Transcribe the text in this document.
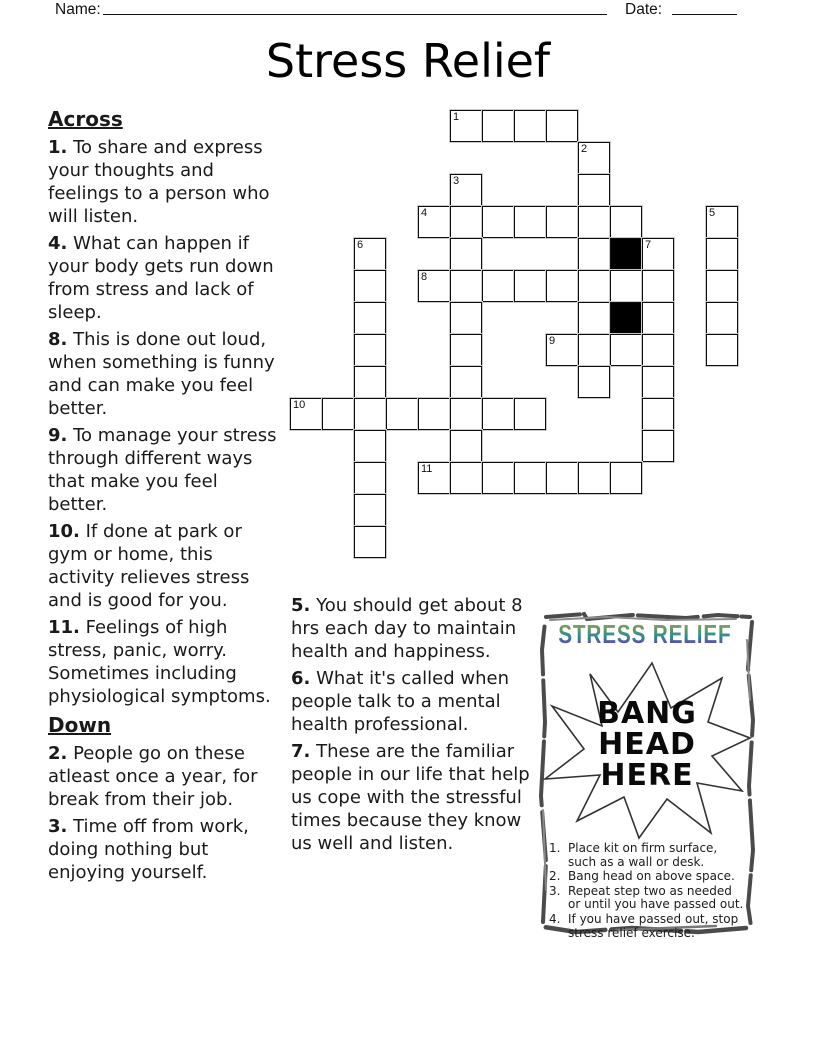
Name:	Date:
Stress Relief
1
2
3
4	5
6	7
8
9
10
11

Across

1. To share and express your thoughts and feelings to a person who will listen.

4. What can happen if your body gets run down from stress and lack of sleep.

8. This is done out loud, when something is funny and can make you feel better.

9. To manage your stress through different ways that make you feel better.

10. If done at park or gym or home, this activity relieves stress and is good for you.

11. Feelings of high stress, panic, worry. Sometimes including physiological symptoms.

Down

2. People go on these atleast once a year, for break from their job.

3. Time off from work, doing nothing but enjoying yourself.

5. You should get about 8 hrs each day to maintain health and happiness.

6. What it's called when people talk to a mental health professional.

7. These are the familiar people in our life that help us cope with the stressful times because they know us well and listen.

STRESS RELIEF KIT
BANG
HEAD
HERE
1. Place kit on firm surface, such as a wall or desk.
2. Bang head on above space.
3. Repeat step two as needed or until you have passed out.
4. If you have passed out, stop stress relief exercise.
